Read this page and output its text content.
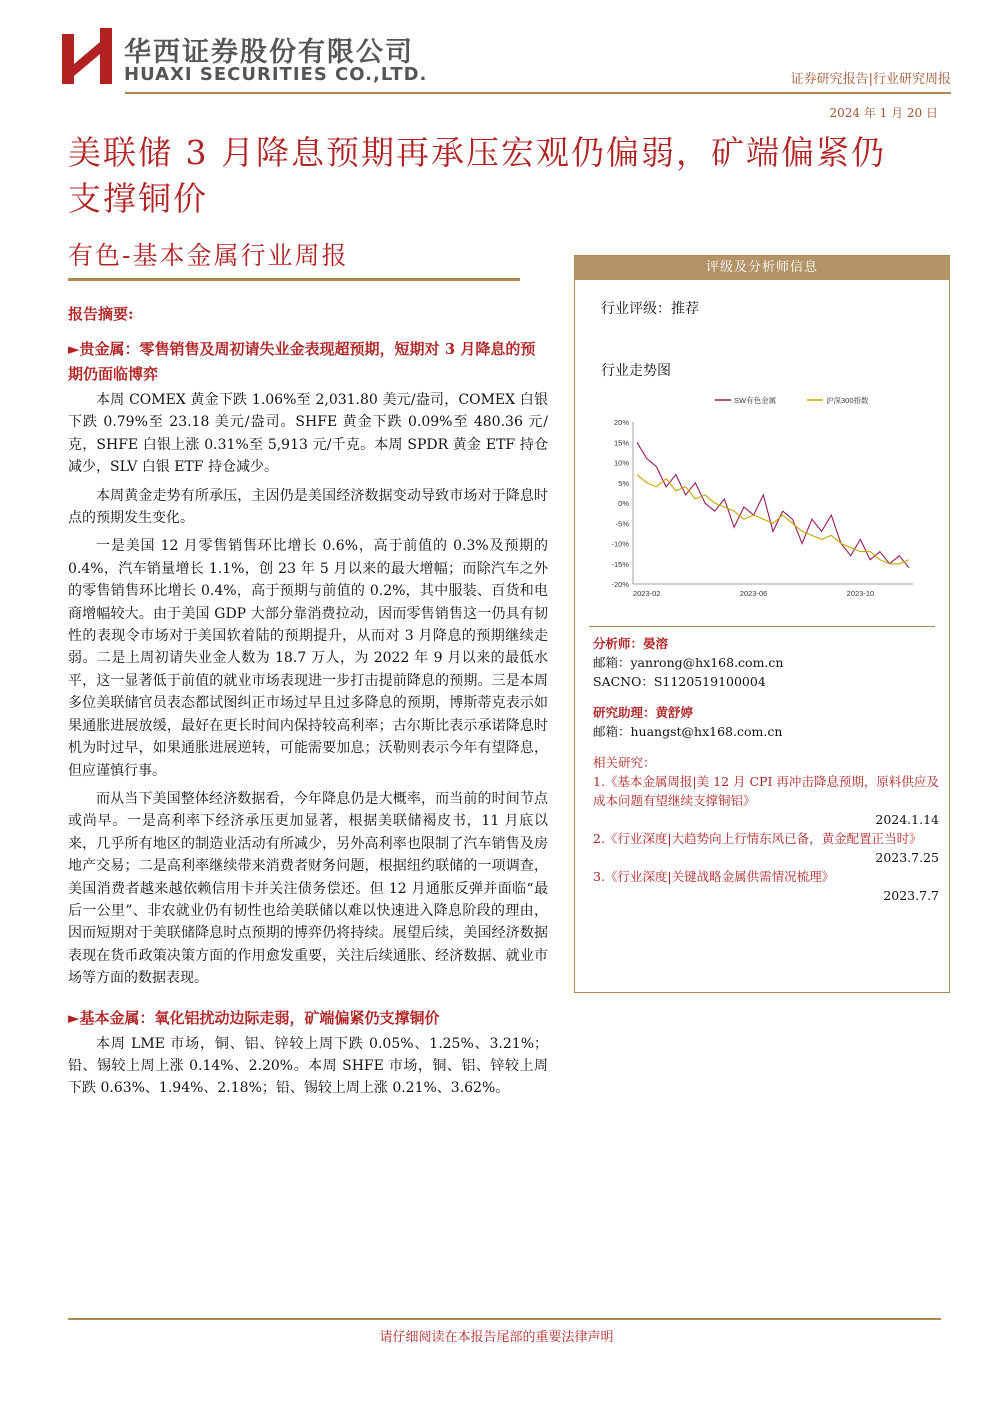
华西证券股份有限公司
HUAXI SECURITIES CO.,LTD.	证券研究报告|行业研究周报
2024 年 1 月 20 日
美联储 3 月降息预期再承压宏观仍偏弱，矿端偏紧仍支撑铜价
有色-基本金属行业周报
报告摘要:
►贵金属：零售销售及周初请失业金表现超预期，短期对 3 月降息的预期仍面临博弈

本周 COMEX 黄金下跌 1.06%至 2,031.80 美元/盎司，COMEX 白银下跌 0.79%至 23.18 美元/盎司。SHFE 黄金下跌 0.09%至 480.36 元/克，SHFE 白银上涨 0.31%至 5,913 元/千克。本周 SPDR 黄金 ETF 持仓减少，SLV 白银 ETF 持仓减少。

本周黄金走势有所承压，主因仍是美国经济数据变动导致市场对于降息时点的预期发生变化。

一是美国 12 月零售销售环比增长 0.6%，高于前值的 0.3%及预期的 0.4%，汽车销量增长 1.1%，创 23 年 5 月以来的最大增幅；而除汽车之外的零售销售环比增长 0.4%，高于预期与前值的 0.2%，其中服装、百货和电商增幅较大。由于美国 GDP 大部分靠消费拉动，因而零售销售这一仍具有韧性的表现令市场对于美国软着陆的预期提升，从而对 3 月降息的预期继续走弱。二是上周初请失业金人数为 18.7 万人，为 2022 年 9 月以来的最低水平，这一显著低于前值的就业市场表现进一步打击提前降息的预期。三是本周多位美联储官员表态都试图纠正市场过早且过多降息的预期，博斯蒂克表示如果通胀进展放缓，最好在更长时间内保持较高利率；古尔斯比表示承诺降息时机为时过早，如果通胀进展逆转，可能需要加息；沃勒则表示今年有望降息，但应谨慎行事。

而从当下美国整体经济数据看，今年降息仍是大概率，而当前的时间节点或尚早。一是高利率下经济承压更加显著，根据美联储褐皮书，11 月底以来，几乎所有地区的制造业活动有所减少，另外高利率也限制了汽车销售及房地产交易；二是高利率继续带来消费者财务问题，根据纽约联储的一项调查，美国消费者越来越依赖信用卡并关注债务偿还。但 12 月通胀反弹并面临“最后一公里”、非农就业仍有韧性也给美联储以难以快速进入降息阶段的理由，因而短期对于美联储降息时点预期的博弈仍将持续。展望后续，美国经济数据表现在货币政策决策方面的作用愈发重要，关注后续通胀、经济数据、就业市场等方面的数据表现。

►基本金属：氧化铝扰动边际走弱，矿端偏紧仍支撑铜价

本周 LME 市场，铜、铝、锌较上周下跌 0.05%、1.25%、3.21%；铅、锡较上周上涨 0.14%、2.20%。本周 SHFE 市场，铜、铝、锌较上周下跌 0.63%、1.94%、2.18%；铅、锡较上周上涨 0.21%、3.62%。

评级及分析师信息
行业评级：推荐
行业走势图
20%
15%
10%
5%
0%
-5%
-10%
-15%
-20%
2023-02	2023-06	2023-10
SW有色金属	沪深300指数
分析师：晏溶
邮箱：yanrong@hx168.com.cn
SACNO：S1120519100004
研究助理：黄舒婷
邮箱：huangst@hx168.com.cn
相关研究：
1.《基本金属周报|美 12 月 CPI 再冲击降息预期，原料供应及成本问题有望继续支撑铜铝》
2024.1.14
2.《行业深度|大趋势向上行情东风已备，黄金配置正当时》
2023.7.25
3.《行业深度|关键战略金属供需情况梳理》
2023.7.7
请仔细阅读在本报告尾部的重要法律声明
